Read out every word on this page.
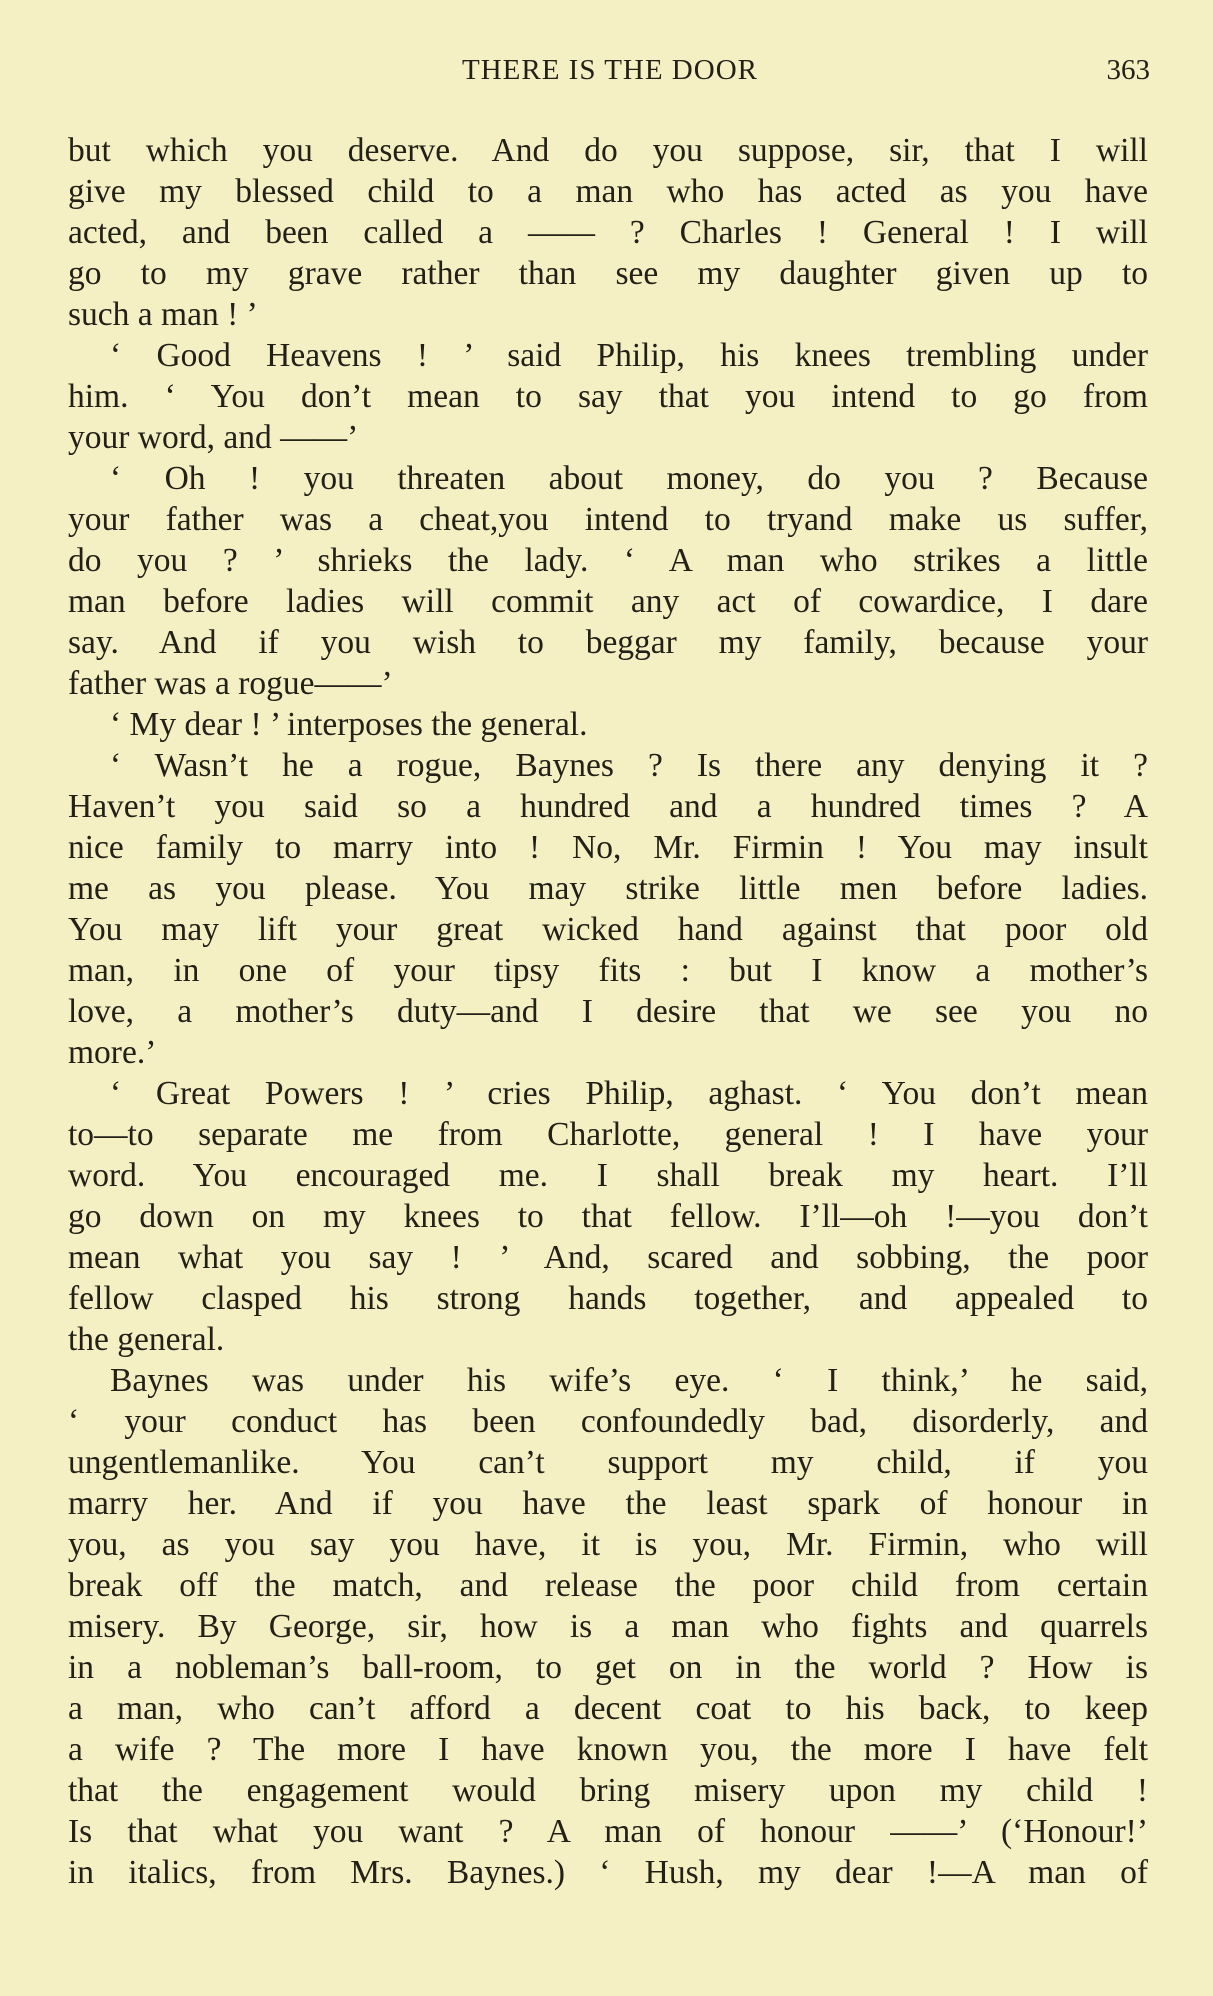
THERE IS THE DOOR	363
but which you deserve. And do you suppose, sir, that I will
give my blessed child to a man who has acted as you have
acted, and been called a —— ? Charles ! General ! I will
go to my grave rather than see my daughter given up to
such a man ! ’
‘ Good Heavens ! ’ said Philip, his knees trembling under
him. ‘ You don’t mean to say that you intend to go from
your word, and ——’
‘ Oh ! you threaten about money, do you ? Because
your father was a cheat,you intend to tryand make us suffer,
do you ? ’ shrieks the lady. ‘ A man who strikes a little
man before ladies will commit any act of cowardice, I dare
say. And if you wish to beggar my family, because your
father was a rogue——’
‘ My dear ! ’ interposes the general.
‘ Wasn’t he a rogue, Baynes ? Is there any denying it ?
Haven’t you said so a hundred and a hundred times ? A
nice family to marry into ! No, Mr. Firmin ! You may insult
me as you please. You may strike little men before ladies.
You may lift your great wicked hand against that poor old
man, in one of your tipsy fits : but I know a mother’s
love, a mother’s duty—and I desire that we see you no
more.’
‘ Great Powers ! ’ cries Philip, aghast. ‘ You don’t mean
to—to separate me from Charlotte, general ! I have your
word. You encouraged me. I shall break my heart. I’ll
go down on my knees to that fellow. I’ll—oh !—you don’t
mean what you say ! ’ And, scared and sobbing, the poor
fellow clasped his strong hands together, and appealed to
the general.
Baynes was under his wife’s eye. ‘ I think,’ he said,
‘ your conduct has been confoundedly bad, disorderly, and
ungentlemanlike. You can’t support my child, if you
marry her. And if you have the least spark of honour in
you, as you say you have, it is you, Mr. Firmin, who will
break off the match, and release the poor child from certain
misery. By George, sir, how is a man who fights and quarrels
in a nobleman’s ball-room, to get on in the world ? How is
a man, who can’t afford a decent coat to his back, to keep
a wife ? The more I have known you, the more I have felt
that the engagement would bring misery upon my child !
Is that what you want ? A man of honour ——’ (‘Honour!’
in italics, from Mrs. Baynes.) ‘ Hush, my dear !—A man of
